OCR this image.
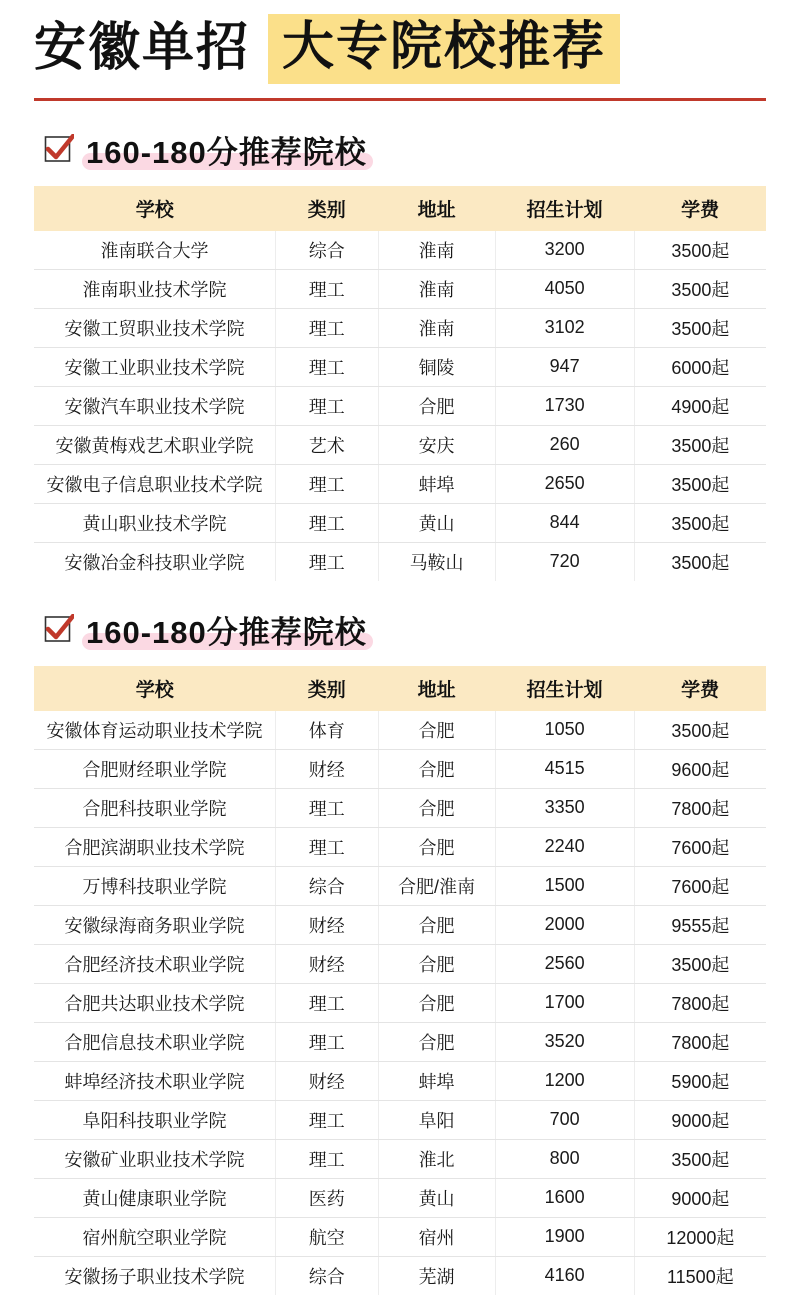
安徽单招 大专院校推荐
160-180分推荐院校
学校	类别	地址	招生计划	学费
淮南联合大学	综合	淮南	3200	3500起
淮南职业技术学院	理工	淮南	4050	3500起
安徽工贸职业技术学院	理工	淮南	3102	3500起
安徽工业职业技术学院	理工	铜陵	947	6000起
安徽汽车职业技术学院	理工	合肥	1730	4900起
安徽黄梅戏艺术职业学院	艺术	安庆	260	3500起
安徽电子信息职业技术学院	理工	蚌埠	2650	3500起
黄山职业技术学院	理工	黄山	844	3500起
安徽冶金科技职业学院	理工	马鞍山	720	3500起
160-180分推荐院校
学校	类别	地址	招生计划	学费
安徽体育运动职业技术学院	体育	合肥	1050	3500起
合肥财经职业学院	财经	合肥	4515	9600起
合肥科技职业学院	理工	合肥	3350	7800起
合肥滨湖职业技术学院	理工	合肥	2240	7600起
万博科技职业学院	综合	合肥/淮南	1500	7600起
安徽绿海商务职业学院	财经	合肥	2000	9555起
合肥经济技术职业学院	财经	合肥	2560	3500起
合肥共达职业技术学院	理工	合肥	1700	7800起
合肥信息技术职业学院	理工	合肥	3520	7800起
蚌埠经济技术职业学院	财经	蚌埠	1200	5900起
阜阳科技职业学院	理工	阜阳	700	9000起
安徽矿业职业技术学院	理工	淮北	800	3500起
黄山健康职业学院	医药	黄山	1600	9000起
宿州航空职业学院	航空	宿州	1900	12000起
安徽扬子职业技术学院	综合	芜湖	4160	11500起
